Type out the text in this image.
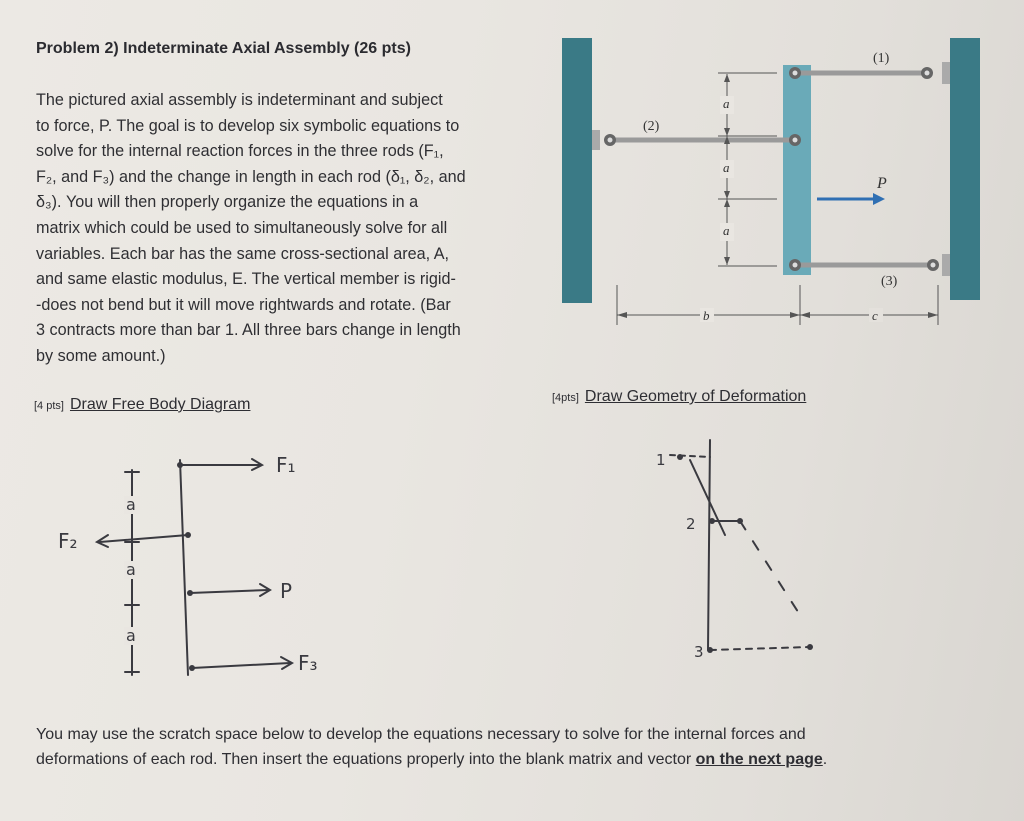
Problem 2) Indeterminate Axial Assembly (26 pts)
The pictured axial assembly is indeterminant and subject
to force, P. The goal is to develop six symbolic equations to
solve for the internal reaction forces in the three rods (F₁,
F₂, and F₃) and the change in length in each rod (δ₁, δ₂, and
δ₃). You will then properly organize the equations in a
matrix which could be used to simultaneously solve for all
variables. Each bar has the same cross-sectional area, A,
and same elastic modulus, E. The vertical member is rigid-
-does not bend but it will move rightwards and rotate. (Bar
3 contracts more than bar 1. All three bars change in length
by some amount.)
(1)
(2)
(3)
P
a
a
a
b	c
[4 pts] Draw Free Body Diagram	[4pts] Draw Geometry of Deformation
F₁
F₂
P
F₃
a
a
a
1
2
3
You may use the scratch space below to develop the equations necessary to solve for the internal forces and
deformations of each rod. Then insert the equations properly into the blank matrix and vector on the next page.
